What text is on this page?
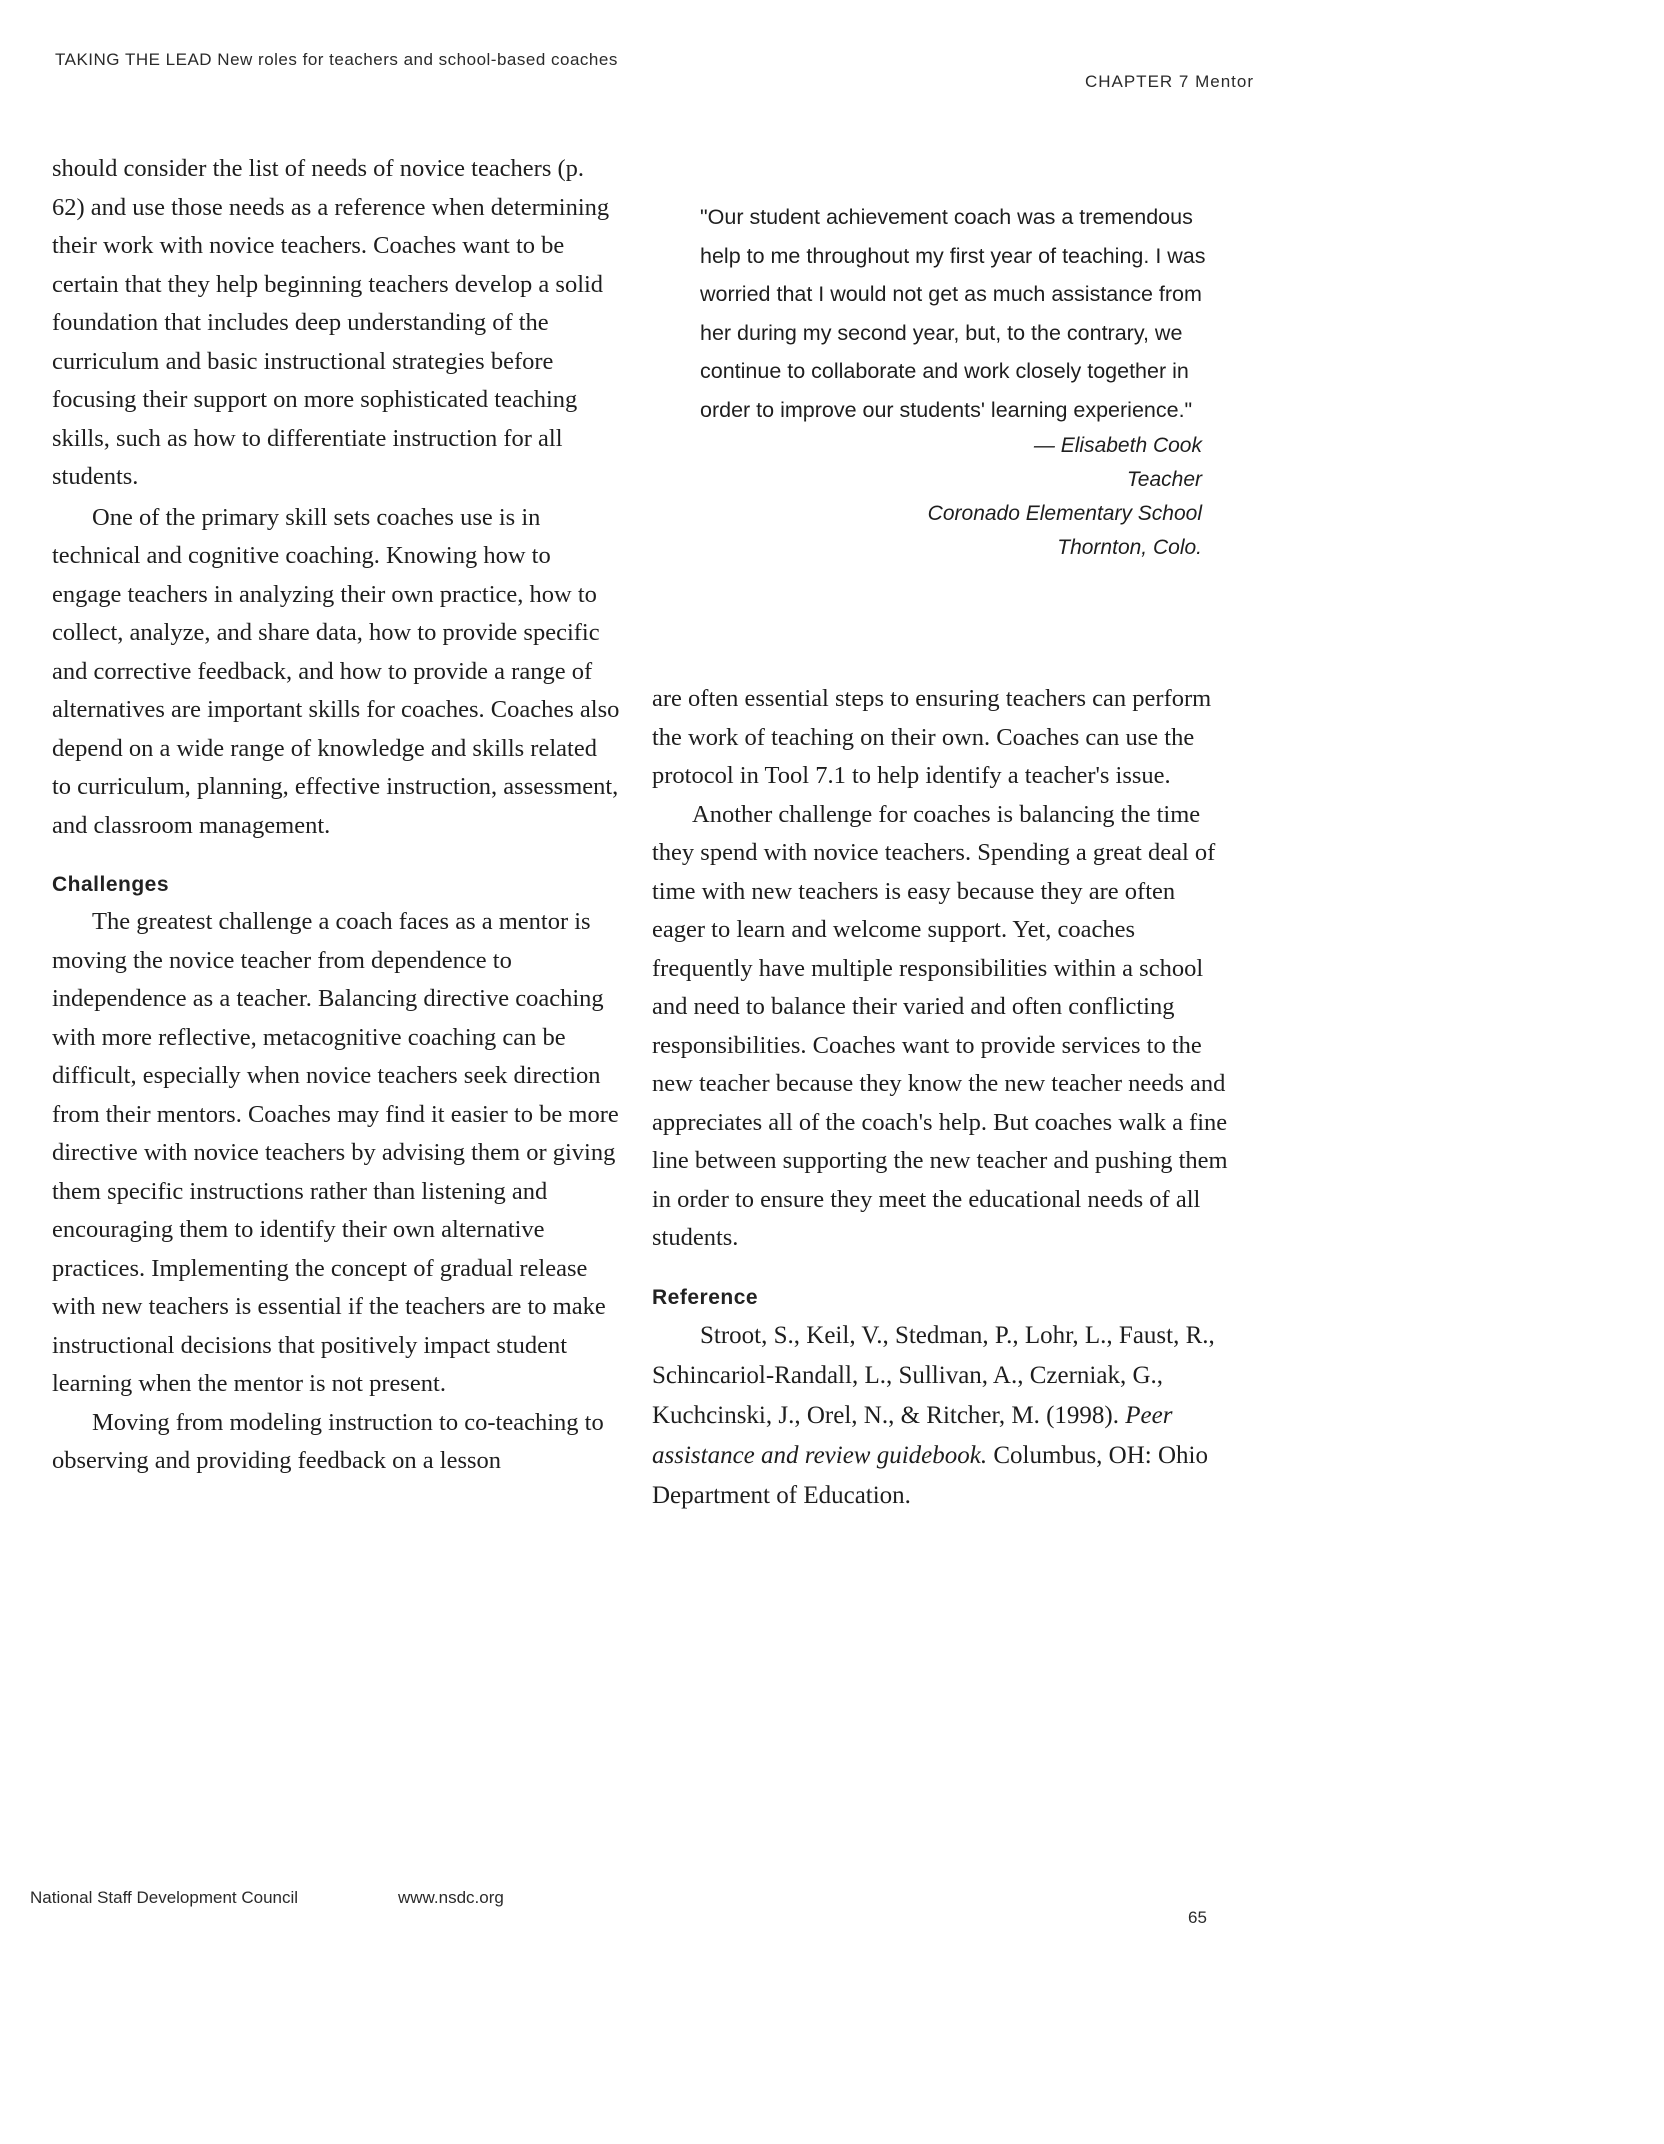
TAKING THE LEAD New roles for teachers and school-based coaches
CHAPTER 7 Mentor

should consider the list of needs of novice teachers (p. 62) and use those needs as a reference when determining their work with novice teachers. Coaches want to be certain that they help beginning teachers develop a solid foundation that includes deep understanding of the curriculum and basic instructional strategies before focusing their support on more sophisticated teaching skills, such as how to differentiate instruction for all students.

One of the primary skill sets coaches use is in technical and cognitive coaching. Knowing how to engage teachers in analyzing their own practice, how to collect, analyze, and share data, how to provide specific and corrective feedback, and how to provide a range of alternatives are important skills for coaches. Coaches also depend on a wide range of knowledge and skills related to curriculum, planning, effective instruction, assessment, and classroom management.

Challenges

The greatest challenge a coach faces as a mentor is moving the novice teacher from dependence to independence as a teacher. Balancing directive coaching with more reflective, metacognitive coaching can be difficult, especially when novice teachers seek direction from their mentors. Coaches may find it easier to be more directive with novice teachers by advising them or giving them specific instructions rather than listening and encouraging them to identify their own alternative practices. Implementing the concept of gradual release with new teachers is essential if the teachers are to make instructional decisions that positively impact student learning when the mentor is not present.

Moving from modeling instruction to co-teaching to observing and providing feedback on a lesson

"Our student achievement coach was a tremendous help to me throughout my first year of teaching. I was worried that I would not get as much assistance from her during my second year, but, to the contrary, we continue to collaborate and work closely together in order to improve our students' learning experience."

— Elisabeth Cook
Teacher
Coronado Elementary School
Thornton, Colo.

are often essential steps to ensuring teachers can perform the work of teaching on their own. Coaches can use the protocol in Tool 7.1 to help identify a teacher's issue.

Another challenge for coaches is balancing the time they spend with novice teachers. Spending a great deal of time with new teachers is easy because they are often eager to learn and welcome support. Yet, coaches frequently have multiple responsibilities within a school and need to balance their varied and often conflicting responsibilities. Coaches want to provide services to the new teacher because they know the new teacher needs and appreciates all of the coach's help. But coaches walk a fine line between supporting the new teacher and pushing them in order to ensure they meet the educational needs of all students.

Reference

Stroot, S., Keil, V., Stedman, P., Lohr, L., Faust, R., Schincariol-Randall, L., Sullivan, A., Czerniak, G., Kuchcinski, J., Orel, N., & Ritcher, M. (1998). Peer assistance and review guidebook. Columbus, OH: Ohio Department of Education.

National Staff Development Council	www.nsdc.org
65
